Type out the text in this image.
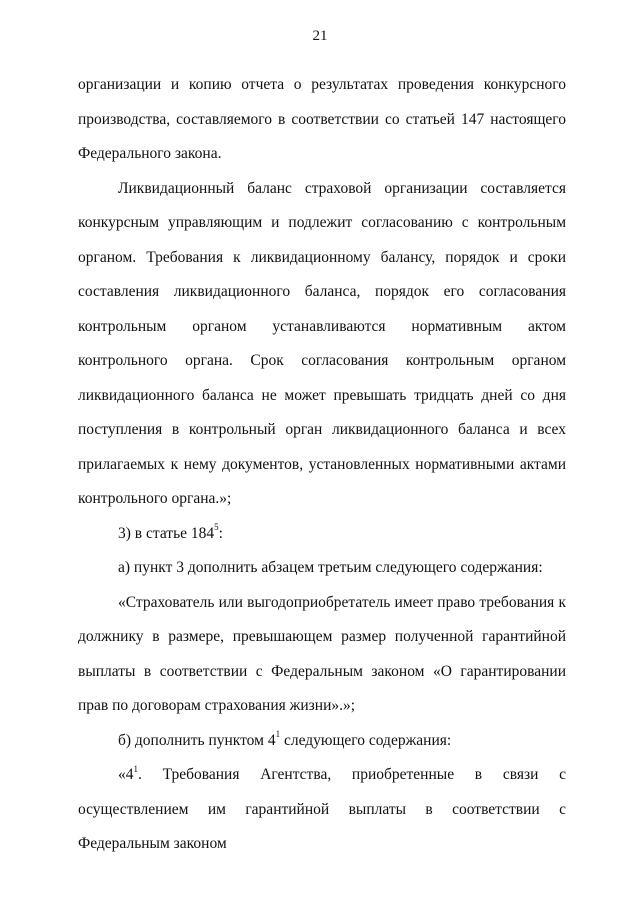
21

организации и копию отчета о результатах проведения конкурсного производства, составляемого в соответствии со статьей 147 настоящего Федерального закона.

Ликвидационный баланс страховой организации составляется конкурсным управляющим и подлежит согласованию с контрольным органом. Требования к ликвидационному балансу, порядок и сроки составления ликвидационного баланса, порядок его согласования контрольным органом устанавливаются нормативным актом контрольного органа. Срок согласования контрольным органом ликвидационного баланса не может превышать тридцать дней со дня поступления в контрольный орган ликвидационного баланса и всех прилагаемых к нему документов, установленных нормативными актами контрольного органа.»;

3) в статье $184^5$:

а) пункт 3 дополнить абзацем третьим следующего содержания:

«Страхователь или выгодоприобретатель имеет право требования к должнику в размере, превышающем размер полученной гарантийной выплаты в соответствии с Федеральным законом «О гарантировании прав по договорам страхования жизни».»;

б) дополнить пунктом $4^1$ следующего содержания:

«$4^1$. Требования Агентства, приобретенные в связи с осуществлением им гарантийной выплаты в соответствии с Федеральным законом
